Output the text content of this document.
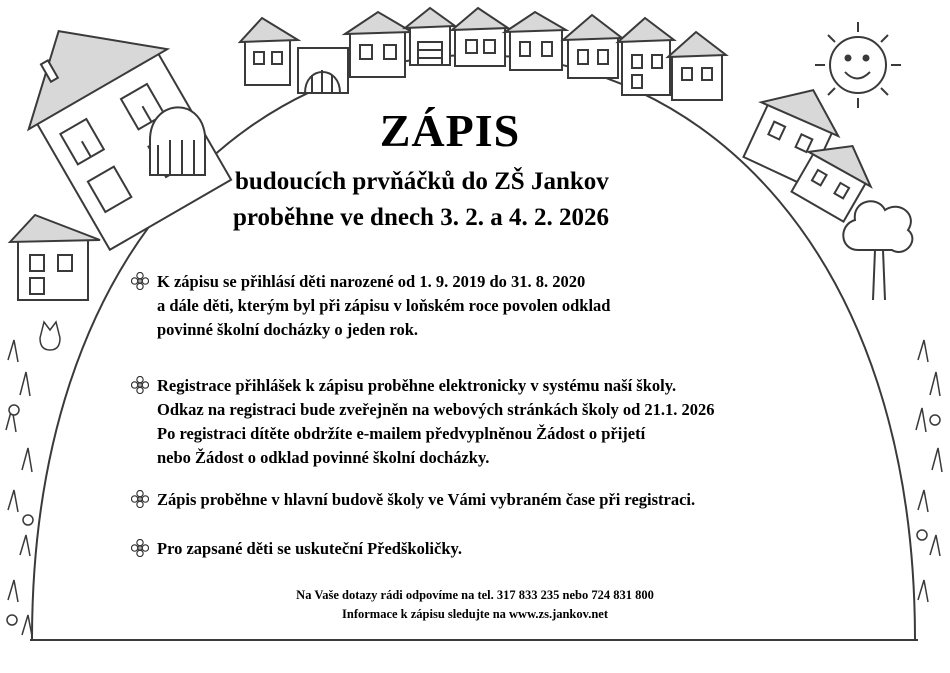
ZÁPIS
budoucích prvňáčků do ZŠ Jankov
proběhne ve dnech 3. 2. a 4. 2. 2026
K zápisu se přihlásí děti narozené od 1. 9. 2019 do 31. 8. 2020
a dále děti, kterým byl při zápisu v loňském roce povolen odklad
povinné školní docházky o jeden rok.
Registrace přihlášek k zápisu proběhne elektronicky v systému naší školy.
Odkaz na registraci bude zveřejněn na webových stránkách školy od 21.1. 2026
Po registraci dítěte obdržíte e-mailem předvyplněnou Žádost o přijetí
nebo Žádost o odklad povinné školní docházky.
Zápis proběhne v hlavní budově školy ve Vámi vybraném čase při registraci.
Pro zapsané děti se uskuteční Předškoličky.
Na Vaše dotazy rádi odpovíme na tel. 317 833 235 nebo 724 831 800
Informace k zápisu sledujte na www.zs.jankov.net
